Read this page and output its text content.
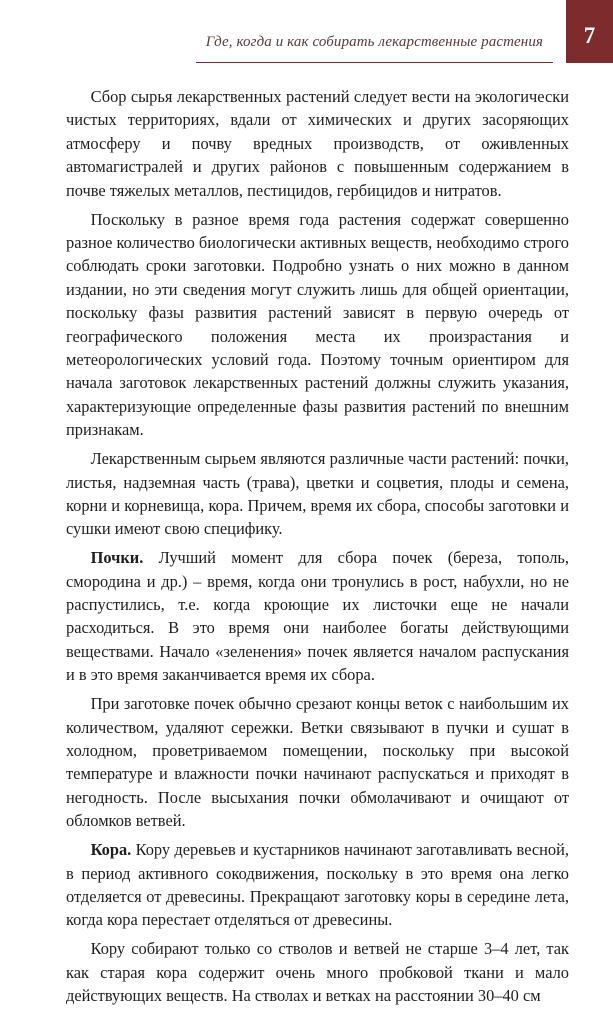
Где, когда и как собирать лекарственные растения 7

  Сбор сырья лекарственных растений следует вести на экологически чистых территориях, вдали от химических и других засоряющих атмосферу и почву вредных производств, от оживленных автомагистралей и других районов с повышенным содержанием в почве тяжелых металлов, пестицидов, гербицидов и нитратов.

  Поскольку в разное время года растения содержат совершенно разное количество биологически активных веществ, необходимо строго соблюдать сроки заготовки. Подробно узнать о них можно в данном издании, но эти сведения могут служить лишь для общей ориентации, поскольку фазы развития растений зависят в первую очередь от географического положения места их произрастания и метеорологических условий года. Поэтому точным ориентиром для начала заготовок лекарственных растений должны служить указания, характеризующие определенные фазы развития растений по внешним признакам.

  Лекарственным сырьем являются различные части растений: почки, листья, надземная часть (трава), цветки и соцветия, плоды и семена, корни и корневища, кора. Причем, время их сбора, способы заготовки и сушки имеют свою специфику.

  Почки. Лучший момент для сбора почек (береза, тополь, смородина и др.) – время, когда они тронулись в рост, набухли, но не распустились, т.е. когда кроющие их листочки еще не начали расходиться. В это время они наиболее богаты действующими веществами. Начало «зеленения» почек является началом распускания и в это время заканчивается время их сбора.

  При заготовке почек обычно срезают концы веток с наибольшим их количеством, удаляют сережки. Ветки связывают в пучки и сушат в холодном, проветриваемом помещении, поскольку при высокой температуре и влажности почки начинают распускаться и приходят в негодность. После высыхания почки обмолачивают и очищают от обломков ветвей.

  Кора. Кору деревьев и кустарников начинают заготавливать весной, в период активного сокодвижения, поскольку в это время она легко отделяется от древесины. Прекращают заготовку коры в середине лета, когда кора перестает отделяться от древесины.

  Кору собирают только со стволов и ветвей не старше 3–4 лет, так как старая кора содержит очень много пробковой ткани и мало действующих веществ. На стволах и ветках на расстоянии 30–40 см
